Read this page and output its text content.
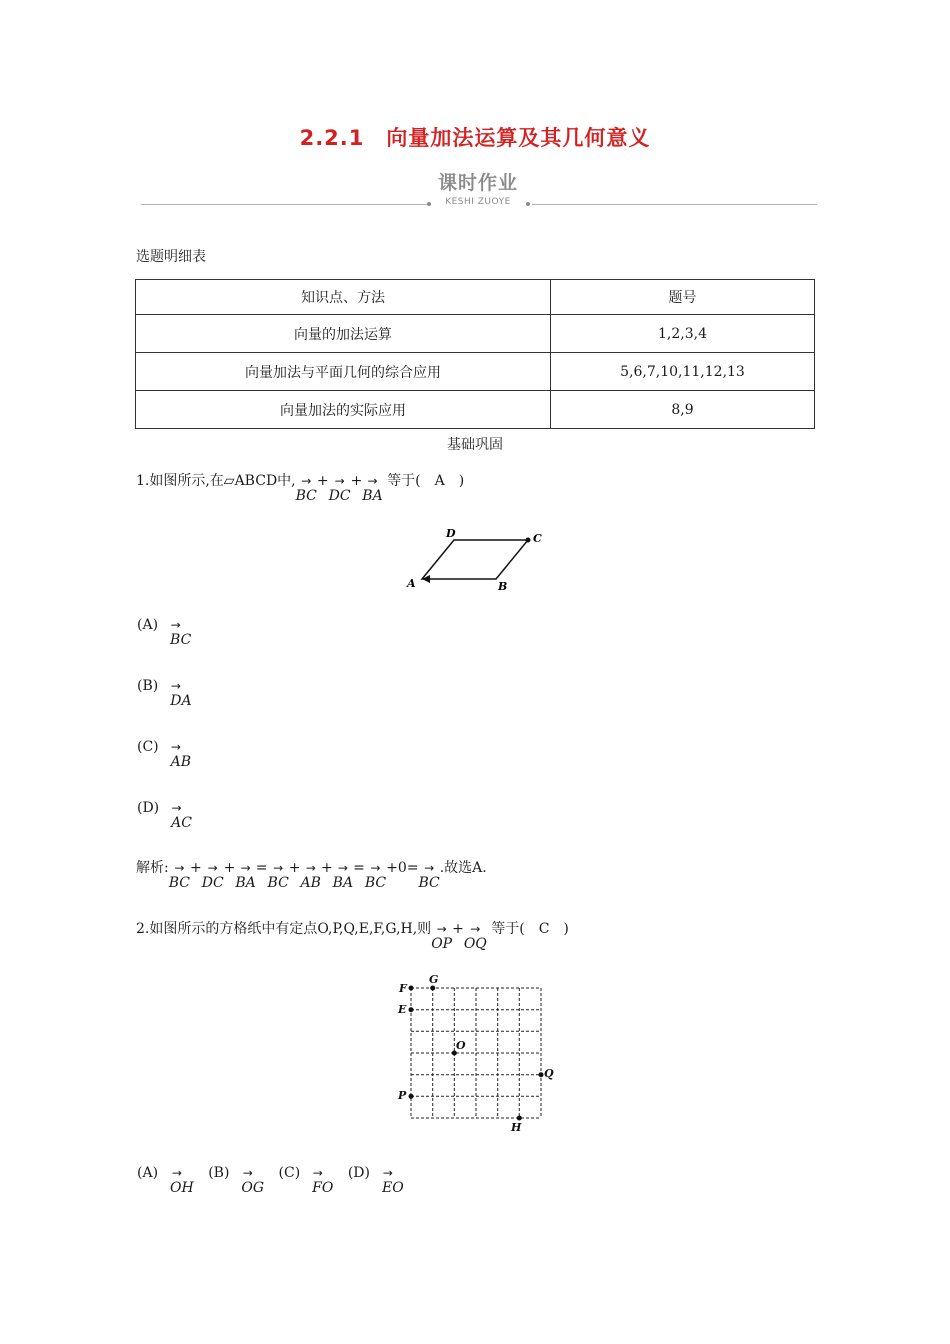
2.2.1　向量加法运算及其几何意义
课时作业
KESHI ZUOYE
选题明细表
知识点、方法	题号
向量的加法运算	1,2,3,4
向量加法与平面几何的综合应用	5,6,7,10,11,12,13
向量加法的实际应用	8,9
基础巩固
1.如图所示,在▱ABCD中, →
BC
+ →
DC
+ →
BA
等于(　A　)
D	C
A	B
(A)	→
BC
(B)	→
DA
(C)	→
AB
(D)	→
AC
解析: →
BC
+ →
DC
+ →
BA
= →
BC
+ →
AB
+ →
BA
= →
BC
+0= →
BC
.故选A.
2.如图所示的方格纸中有定点O,P,Q,E,F,G,H,则 →
OP
+ →
OQ
等于(　C　)
F
G
E
O
Q
P
H
(A)	→
OH
(B)	→
OG
(C)	→
FO
(D)	→
EO
